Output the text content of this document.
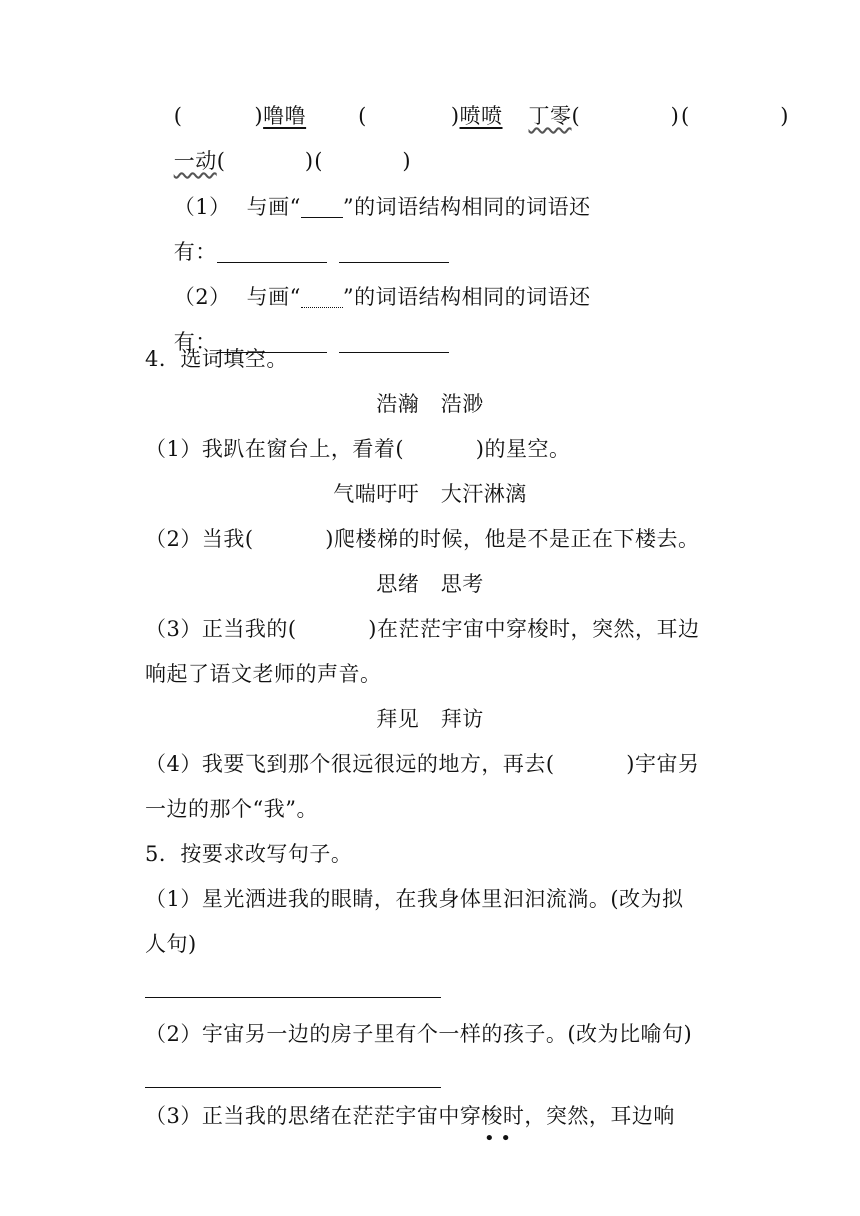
(	)噜噜 (	)喷喷 丁零(          )(          )

一动(          )(          )

（1） 与画“ ”的词语结构相同的词语还

有：

（2） 与画“ ”的词语结构相同的词语还

有：

4．选词填空。
浩瀚　浩渺
（1）我趴在窗台上，看着(          )的星空。
气喘吁吁　大汗淋漓
（2）当我(          )爬楼梯的时候，他是不是正在下楼去。
思绪　思考
（3）正当我的(          )在茫茫宇宙中穿梭时，突然，耳边
响起了语文老师的声音。
拜见　拜访
（4）我要飞到那个很远很远的地方，再去(          )宇宙另
一边的那个“我”。
5．按要求改写句子。
（1）星光洒进我的眼睛，在我身体里汩汩流淌。(改为拟
人句)
（2）宇宙另一边的房子里有个一样的孩子。(改为比喻句)
（3）正当我的思绪在茫茫宇宙中穿梭时，突然，耳边响
• •
